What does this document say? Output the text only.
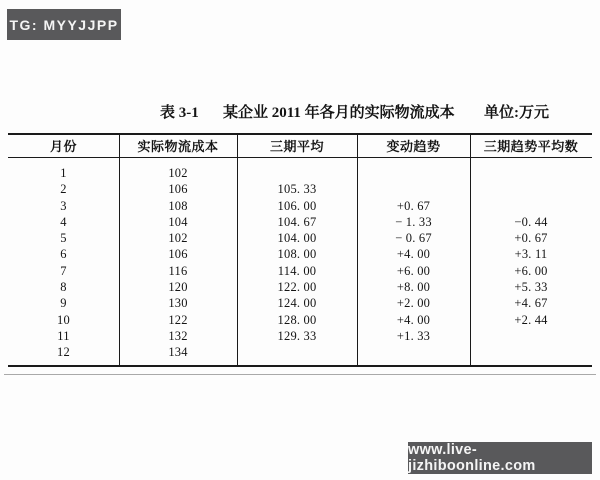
TG: MYYJJPP
表 3-1 某企业 2011 年各月的实际物流成本 单位:万元
月份	实际物流成本	三期平均	变动趋势	三期趋势平均数
1	102
2	106	105. 33
3	108	106. 00	+0. 67
4	104	104. 67	− 1. 33	−0. 44
5	102	104. 00	− 0. 67	+0. 67
6	106	108. 00	+4. 00	+3. 11
7	116	114. 00	+6. 00	+6. 00
8	120	122. 00	+8. 00	+5. 33
9	130	124. 00	+2. 00	+4. 67
10	122	128. 00	+4. 00	+2. 44
11	132	129. 33	+1. 33
12	134
www.live-jizhiboonline.com
